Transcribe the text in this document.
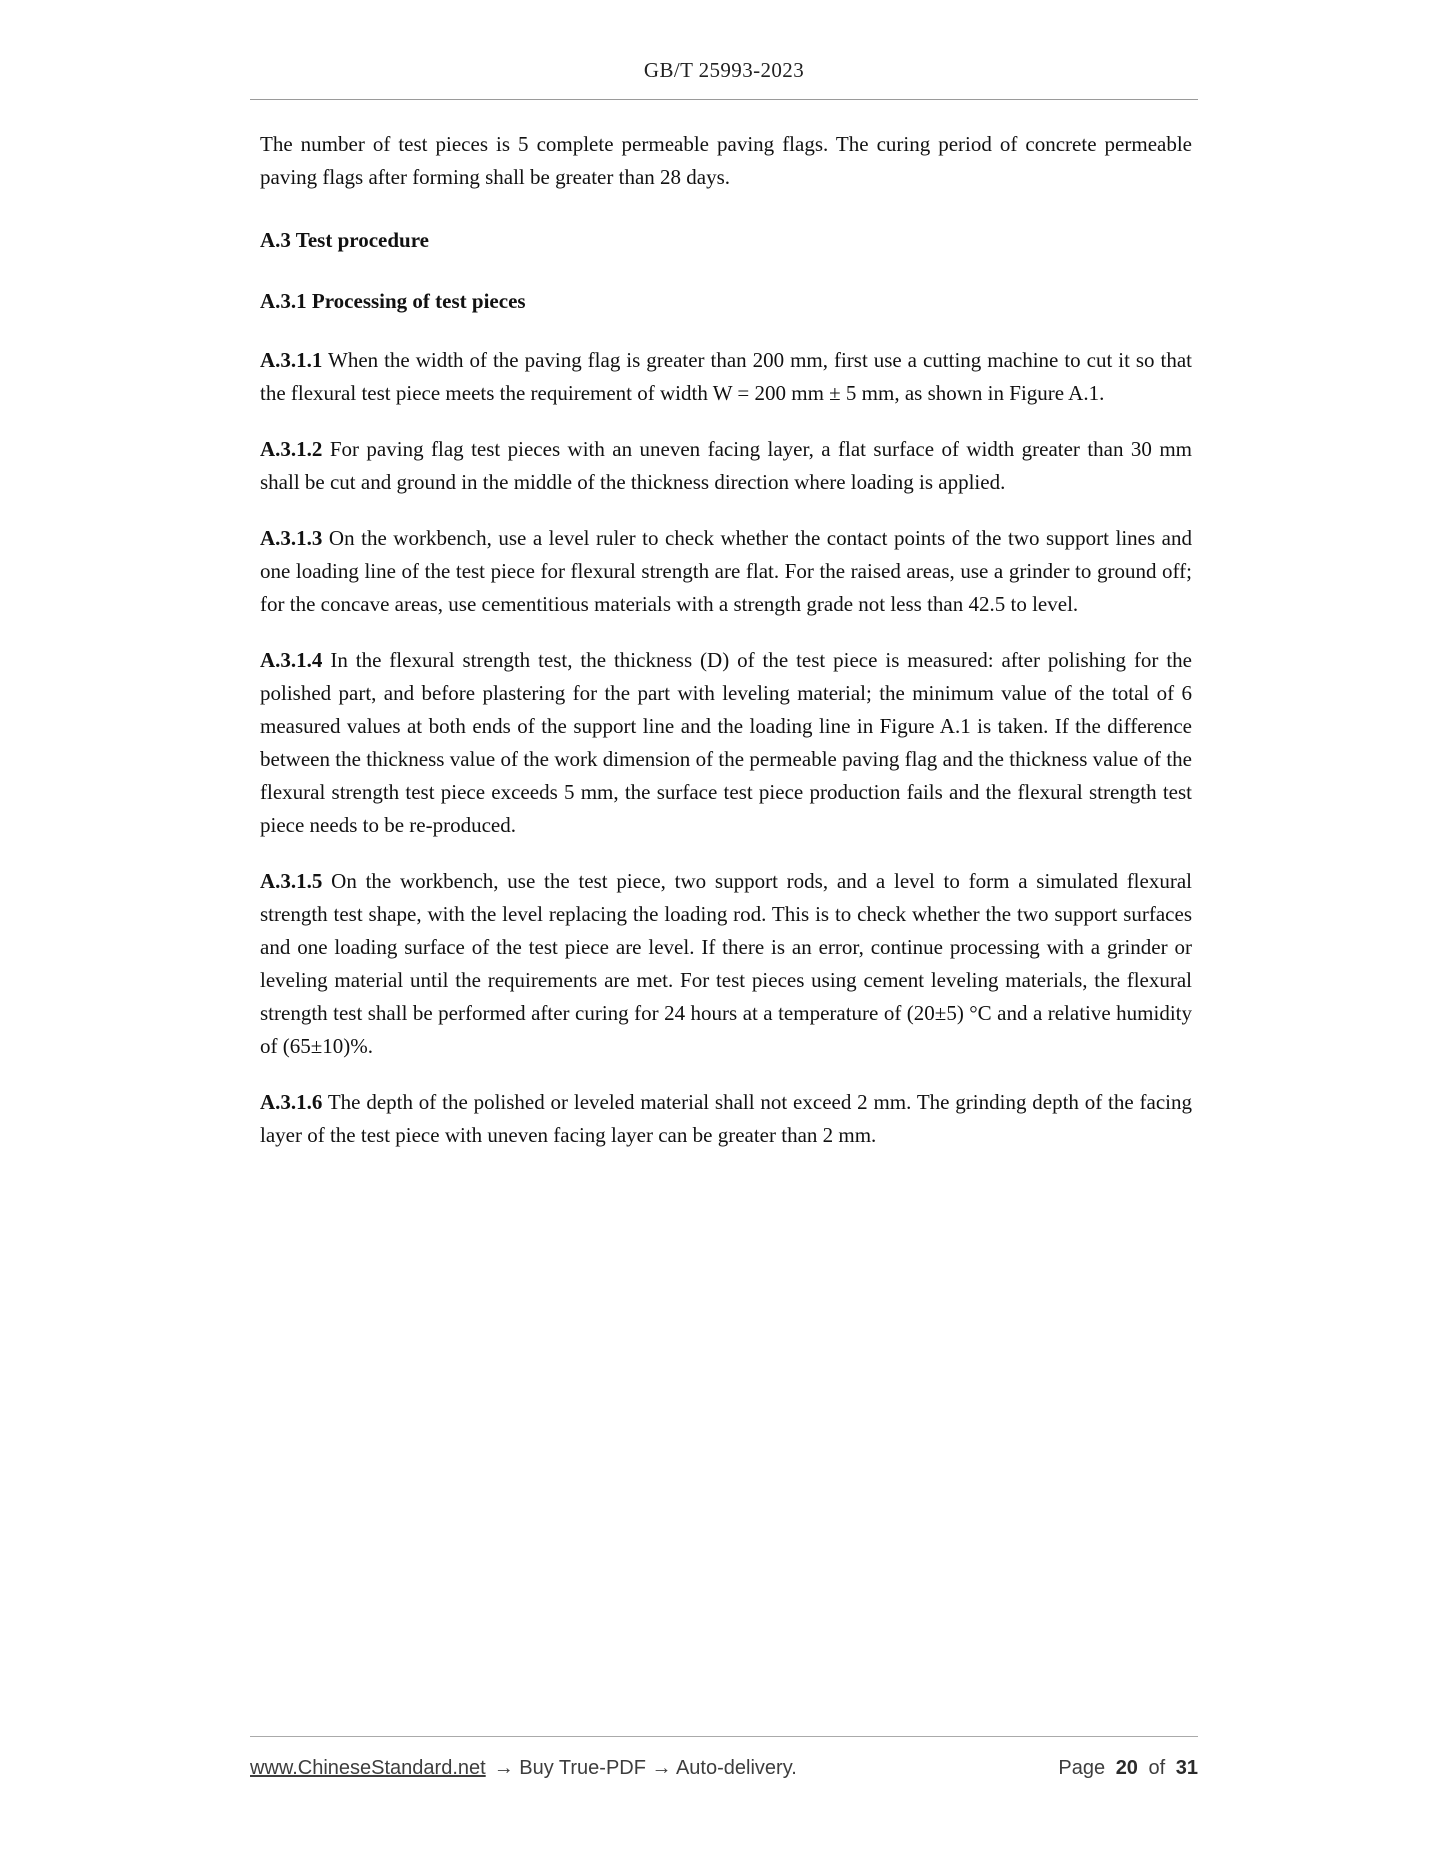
GB/T 25993-2023

The number of test pieces is 5 complete permeable paving flags. The curing period of concrete permeable paving flags after forming shall be greater than 28 days.

A.3 Test procedure
A.3.1 Processing of test pieces

A.3.1.1 When the width of the paving flag is greater than 200 mm, first use a cutting machine to cut it so that the flexural test piece meets the requirement of width W = 200 mm ± 5 mm, as shown in Figure A.1.

A.3.1.2 For paving flag test pieces with an uneven facing layer, a flat surface of width greater than 30 mm shall be cut and ground in the middle of the thickness direction where loading is applied.

A.3.1.3 On the workbench, use a level ruler to check whether the contact points of the two support lines and one loading line of the test piece for flexural strength are flat. For the raised areas, use a grinder to ground off; for the concave areas, use cementitious materials with a strength grade not less than 42.5 to level.

A.3.1.4 In the flexural strength test, the thickness (D) of the test piece is measured: after polishing for the polished part, and before plastering for the part with leveling material; the minimum value of the total of 6 measured values at both ends of the support line and the loading line in Figure A.1 is taken. If the difference between the thickness value of the work dimension of the permeable paving flag and the thickness value of the flexural strength test piece exceeds 5 mm, the surface test piece production fails and the flexural strength test piece needs to be re-produced.

A.3.1.5 On the workbench, use the test piece, two support rods, and a level to form a simulated flexural strength test shape, with the level replacing the loading rod. This is to check whether the two support surfaces and one loading surface of the test piece are level. If there is an error, continue processing with a grinder or leveling material until the requirements are met. For test pieces using cement leveling materials, the flexural strength test shall be performed after curing for 24 hours at a temperature of (20±5) °C and a relative humidity of (65±10)%.

A.3.1.6 The depth of the polished or leveled material shall not exceed 2 mm. The grinding depth of the facing layer of the test piece with uneven facing layer can be greater than 2 mm.

www.ChineseStandard.net → Buy True-PDF → Auto-delivery.	Page 20 of 31
